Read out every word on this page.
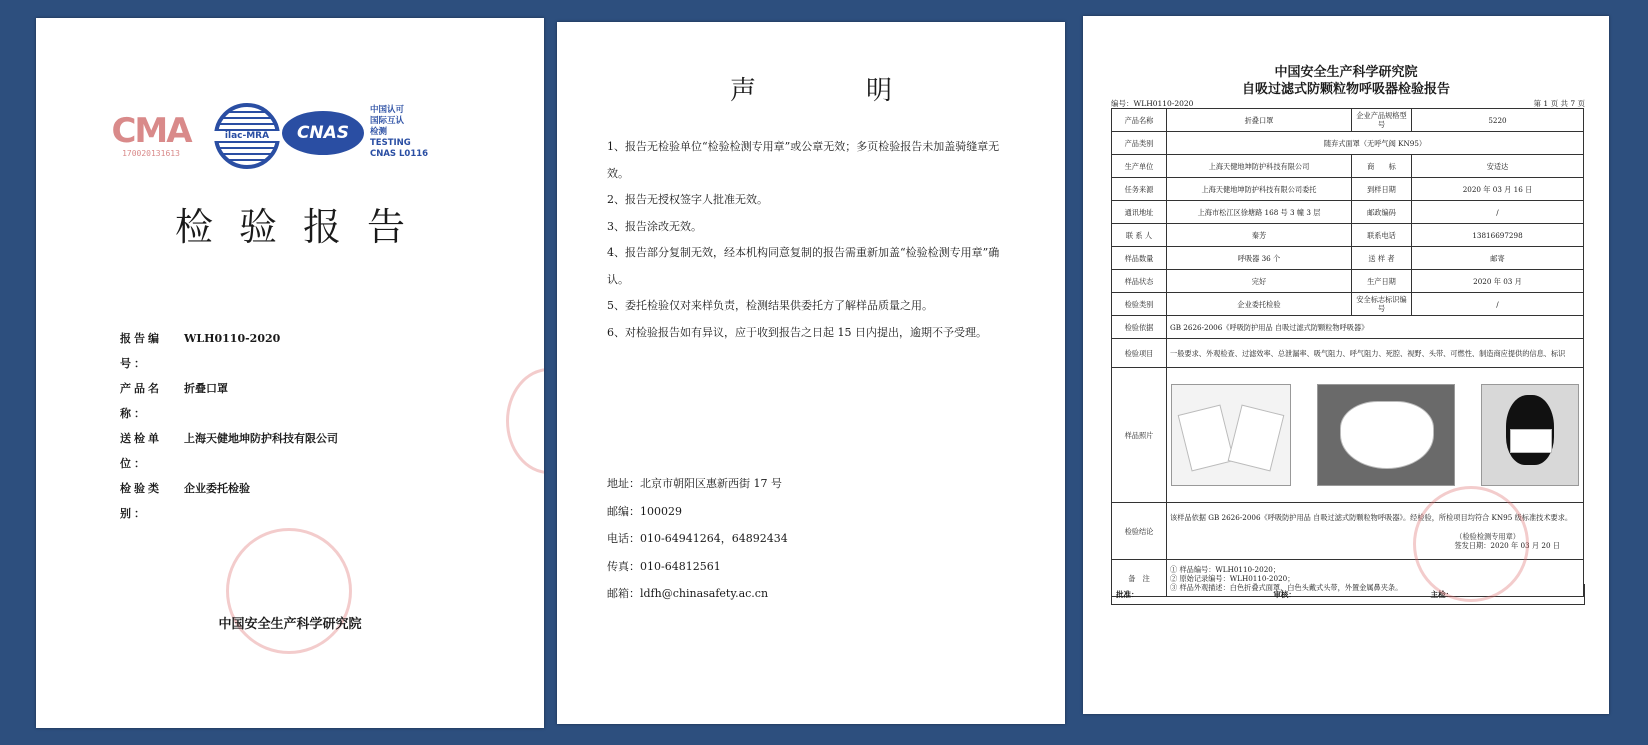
CMA
170020131613
ilac-MRA	CNAS
中国认可
国际互认
检测
TESTING
CNAS L0116
检验报告
报告编号：
WLH0110-2020
产品名称：
折叠口罩
送检单位：
上海天健地坤防护科技有限公司
检验类别：
企业委托检验
中国安全生产科学研究院
声	明

1、报告无检验单位“检验检测专用章”或公章无效；多页检验报告未加盖骑缝章无效。

2、报告无授权签字人批准无效。

3、报告涂改无效。

4、报告部分复制无效，经本机构同意复制的报告需重新加盖“检验检测专用章”确认。

5、委托检验仅对来样负责，检测结果供委托方了解样品质量之用。

6、对检验报告如有异议，应于收到报告之日起 15 日内提出，逾期不予受理。

地址：北京市朝阳区惠新西街 17 号

邮编：100029

电话：010-64941264，64892434

传真：010-64812561

邮箱：ldfh@chinasafety.ac.cn

中国安全生产科学研究院
自吸过滤式防颗粒物呼吸器检验报告
编号：WLH0110-2020	第 1 页 共 7 页
产品名称	折叠口罩	企业产品规格型号	5220
产品类别	随弃式面罩（无呼气阀 KN95）		
生产单位	上海天健地坤防护科技有限公司	商　　标	安适达
任务来源	上海天健地坤防护科技有限公司委托	到样日期	2020 年 03 月 16 日
通讯地址	上海市松江区徐塘路 168 号 3 幢 3 层	邮政编码	/
联 系 人	秦芳	联系电话	13816697298
样品数量	呼吸器 36 个	送 样 者	邮寄
样品状态	完好	生产日期	2020 年 03 月
检验类别	企业委托检验	安全标志标识编号	/
检验依据	GB 2626-2006《呼吸防护用品 自吸过滤式防颗粒物呼吸器》		
检验项目	一般要求、外观检查、过滤效率、总泄漏率、吸气阻力、呼气阻力、死腔、视野、头带、可燃性、制造商应提供的信息、标识		
样品照片			

检验结论	该样品依据 GB 2626-2006《呼吸防护用品 自吸过滤式防颗粒物呼吸器》。经检验，所检项目均符合 KN95 级标准技术要求。
（检验检测专用章）
签发日期：2020 年 03 月 20 日		

备　注	① 样品编号：WLH0110-2020；
② 原始记录编号：WLH0110-2020；
③ 样品外观描述：白色折叠式面罩，白色头戴式头带，外置金属鼻夹条。		
批准：	审核：	主检：
